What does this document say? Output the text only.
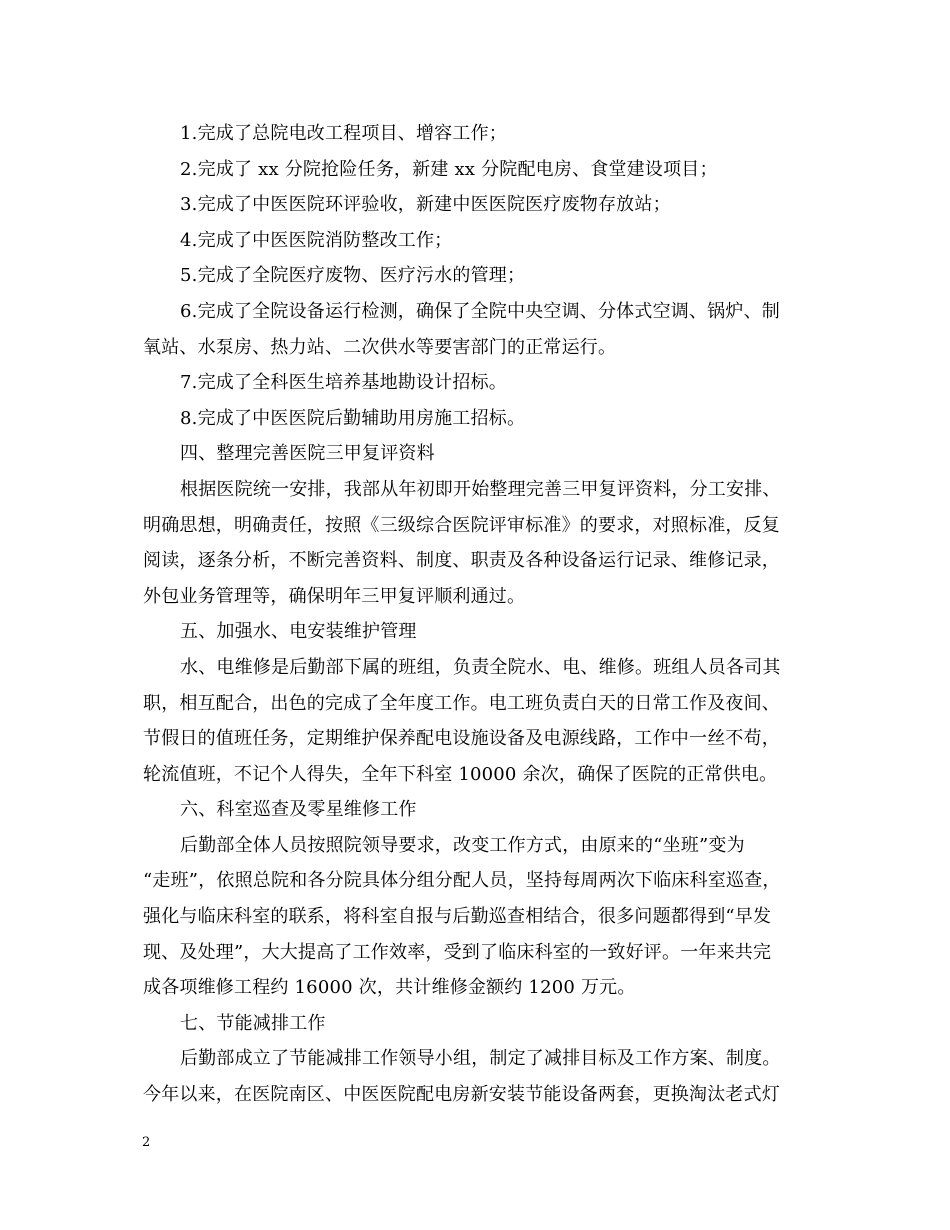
1.完成了总院电改工程项目、增容工作；
2.完成了 xx 分院抢险任务，新建 xx 分院配电房、食堂建设项目；
3.完成了中医医院环评验收，新建中医医院医疗废物存放站；
4.完成了中医医院消防整改工作；
5.完成了全院医疗废物、医疗污水的管理；
6.完成了全院设备运行检测，确保了全院中央空调、分体式空调、锅炉、制
氧站、水泵房、热力站、二次供水等要害部门的正常运行。
7.完成了全科医生培养基地勘设计招标。
8.完成了中医医院后勤辅助用房施工招标。
四、整理完善医院三甲复评资料
根据医院统一安排，我部从年初即开始整理完善三甲复评资料，分工安排、
明确思想，明确责任，按照《三级综合医院评审标准》的要求，对照标准，反复
阅读，逐条分析，不断完善资料、制度、职责及各种设备运行记录、维修记录，
外包业务管理等，确保明年三甲复评顺利通过。
五、加强水、电安装维护管理
水、电维修是后勤部下属的班组，负责全院水、电、维修。班组人员各司其
职，相互配合，出色的完成了全年度工作。电工班负责白天的日常工作及夜间、
节假日的值班任务，定期维护保养配电设施设备及电源线路，工作中一丝不苟，
轮流值班，不记个人得失，全年下科室 10000 余次，确保了医院的正常供电。
六、科室巡查及零星维修工作
后勤部全体人员按照院领导要求，改变工作方式，由原来的“坐班”变为
“走班”，依照总院和各分院具体分组分配人员，坚持每周两次下临床科室巡查，
强化与临床科室的联系，将科室自报与后勤巡查相结合，很多问题都得到“早发
现、及处理”，大大提高了工作效率，受到了临床科室的一致好评。一年来共完
成各项维修工程约 16000 次，共计维修金额约 1200 万元。
七、节能减排工作
后勤部成立了节能减排工作领导小组，制定了减排目标及工作方案、制度。
今年以来，在医院南区、中医医院配电房新安装节能设备两套，更换淘汰老式灯
2
